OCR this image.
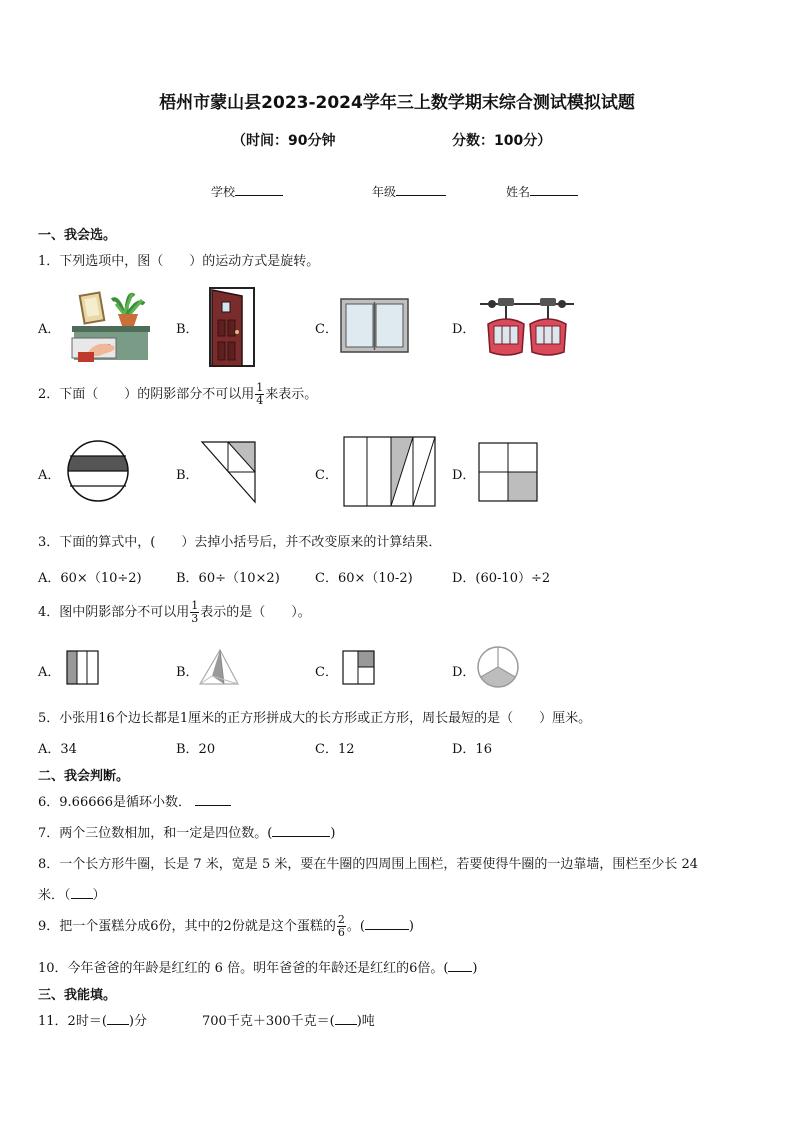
梧州市蒙山县2023-2024学年三上数学期末综合测试模拟试题
（时间：90分钟	分数：100分）
学校	年级	姓名
一、我会选。
1．下列选项中，图（　　）的运动方式是旋转。
A．	B．	C．	D．
2．下面（　　）的阴影部分不可以用 $\frac{1}{4}$ 来表示。
A．	B．	C．	D．
3．下面的算式中，(　　）去掉小括号后，并不改变原来的计算结果．
A．60×（10÷2)	B．60÷（10×2)	C．60×（10-2)	D．(60-10）÷2
4．图中阴影部分不可以用 $\frac{1}{3}$ 表示的是（　　）。
A．	B．	C．	D．
5．小张用16个边长都是1厘米的正方形拼成大的长方形或正方形，周长最短的是（　　）厘米。
A．34	B．20	C．12	D．16
二、我会判断。
6．9.66666是循环小数．
7．两个三位数相加，和一定是四位数。(	)
8．一个长方形牛圈，长是 7 米，宽是 5 米，要在牛圈的四周围上围栏，若要使得牛圈的一边靠墙，围栏至少长 24
米．（ ）
9．把一个蛋糕分成6份，其中的2份就是这个蛋糕的 $\frac{2}{6}$ 。(	)
10．今年爸爸的年龄是红红的 6 倍。明年爸爸的年龄还是红红的6倍。( )
三、我能填。
11．2时＝( )分	700千克＋300千克＝( )吨
